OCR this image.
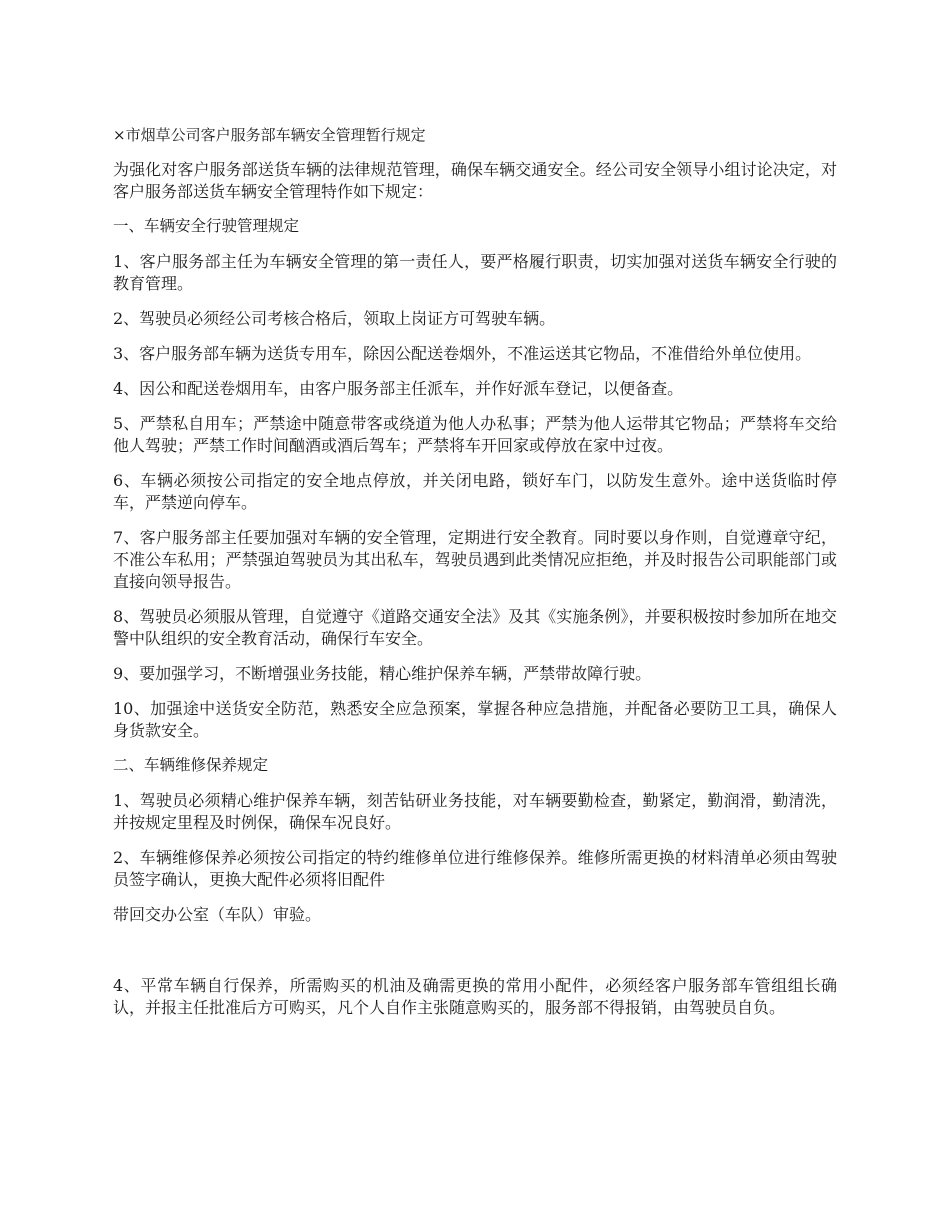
×市烟草公司客户服务部车辆安全管理暂行规定
为强化对客户服务部送货车辆的法律规范管理，确保车辆交通安全。经公司安全领导小组讨论决定，对客户服务部送货车辆安全管理特作如下规定：
一、车辆安全行驶管理规定
1、客户服务部主任为车辆安全管理的第一责任人，要严格履行职责，切实加强对送货车辆安全行驶的教育管理。
2、驾驶员必须经公司考核合格后，领取上岗证方可驾驶车辆。
3、客户服务部车辆为送货专用车，除因公配送卷烟外，不准运送其它物品，不准借给外单位使用。
4、因公和配送卷烟用车，由客户服务部主任派车，并作好派车登记，以便备查。
5、严禁私自用车；严禁途中随意带客或绕道为他人办私事；严禁为他人运带其它物品；严禁将车交给他人驾驶；严禁工作时间酗酒或酒后驾车；严禁将车开回家或停放在家中过夜。
6、车辆必须按公司指定的安全地点停放，并关闭电路，锁好车门，以防发生意外。途中送货临时停车，严禁逆向停车。
7、客户服务部主任要加强对车辆的安全管理，定期进行安全教育。同时要以身作则，自觉遵章守纪，不准公车私用；严禁强迫驾驶员为其出私车，驾驶员遇到此类情况应拒绝，并及时报告公司职能部门或直接向领导报告。
8、驾驶员必须服从管理，自觉遵守《道路交通安全法》及其《实施条例》，并要积极按时参加所在地交警中队组织的安全教育活动，确保行车安全。
9、要加强学习，不断增强业务技能，精心维护保养车辆，严禁带故障行驶。
10、加强途中送货安全防范，熟悉安全应急预案，掌握各种应急措施，并配备必要防卫工具，确保人身货款安全。
二、车辆维修保养规定
1、驾驶员必须精心维护保养车辆，刻苦钻研业务技能，对车辆要勤检查，勤紧定，勤润滑，勤清洗，并按规定里程及时例保，确保车况良好。
2、车辆维修保养必须按公司指定的特约维修单位进行维修保养。维修所需更换的材料清单必须由驾驶员签字确认，更换大配件必须将旧配件
带回交办公室（车队）审验。
4、平常车辆自行保养，所需购买的机油及确需更换的常用小配件，必须经客户服务部车管组组长确认，并报主任批准后方可购买，凡个人自作主张随意购买的，服务部不得报销，由驾驶员自负。
